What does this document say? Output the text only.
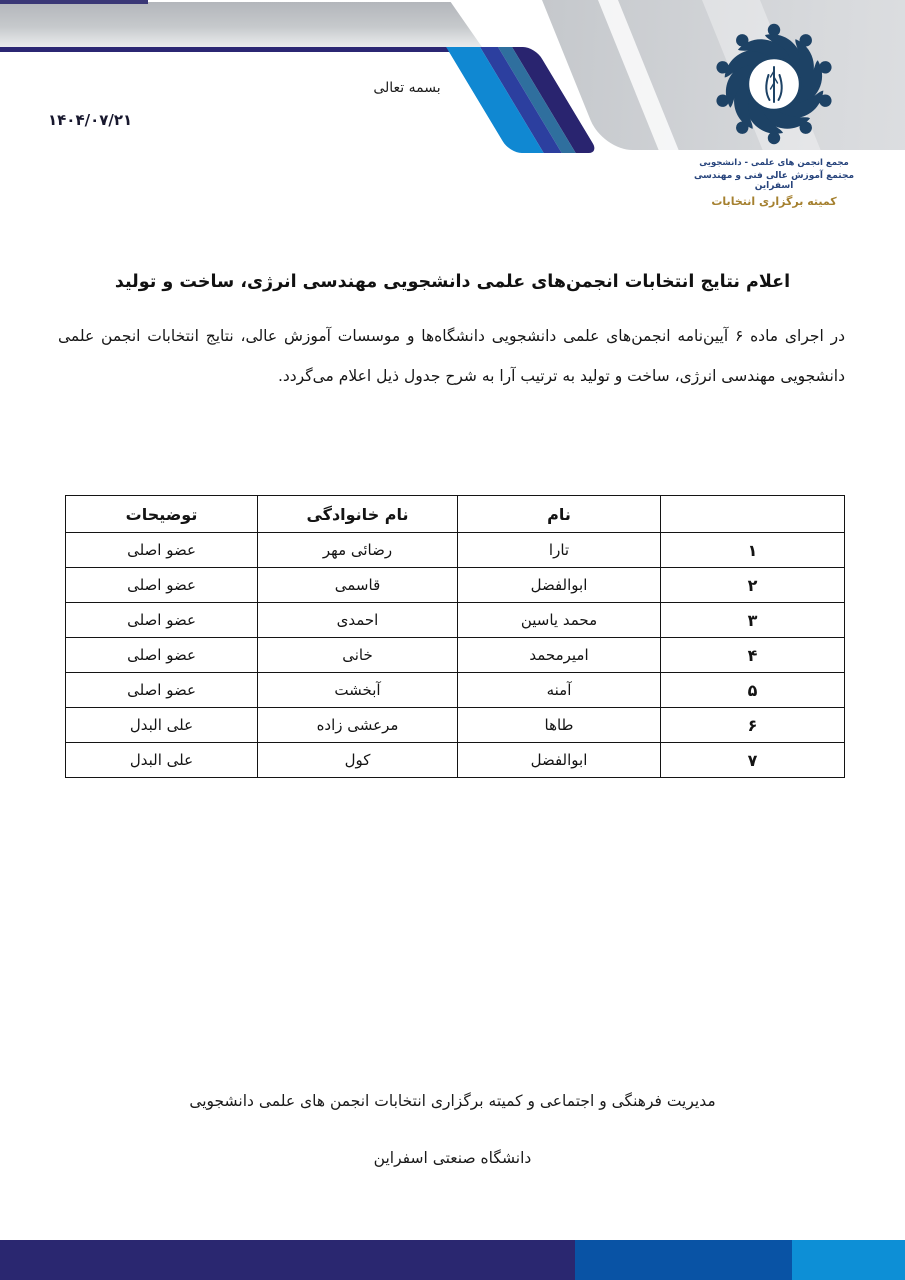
بسمه تعالی
۱۴۰۴/۰۷/۲۱
مجمع انجمن های علمی - دانشجویی
مجتمع آموزش عالی فنی و مهندسی اسفراین
کمیته برگزاری انتخابات
اعلام نتایج انتخابات انجمن‌های علمی دانشجویی مهندسی انرژی، ساخت و تولید
در اجرای ماده ۶ آیین‌نامه انجمن‌های علمی دانشجویی دانشگاه‌ها و موسسات آموزش عالی، نتایج انتخابات انجمن علمی دانشجویی مهندسی انرژی، ساخت و تولید به ترتیب آرا به شرح جدول ذیل اعلام می‌گردد.
	نام	نام خانوادگی	توضیحات
۱	تارا	رضائی مهر	عضو اصلی
۲	ابوالفضل	قاسمی	عضو اصلی
۳	محمد یاسین	احمدی	عضو اصلی
۴	امیرمحمد	خانی	عضو اصلی
۵	آمنه	آبخشت	عضو اصلی
۶	طاها	مرعشی زاده	علی البدل
۷	ابوالفضل	کول	علی البدل
مدیریت فرهنگی و اجتماعی و کمیته برگزاری انتخابات انجمن های علمی دانشجویی
دانشگاه صنعتی اسفراین
